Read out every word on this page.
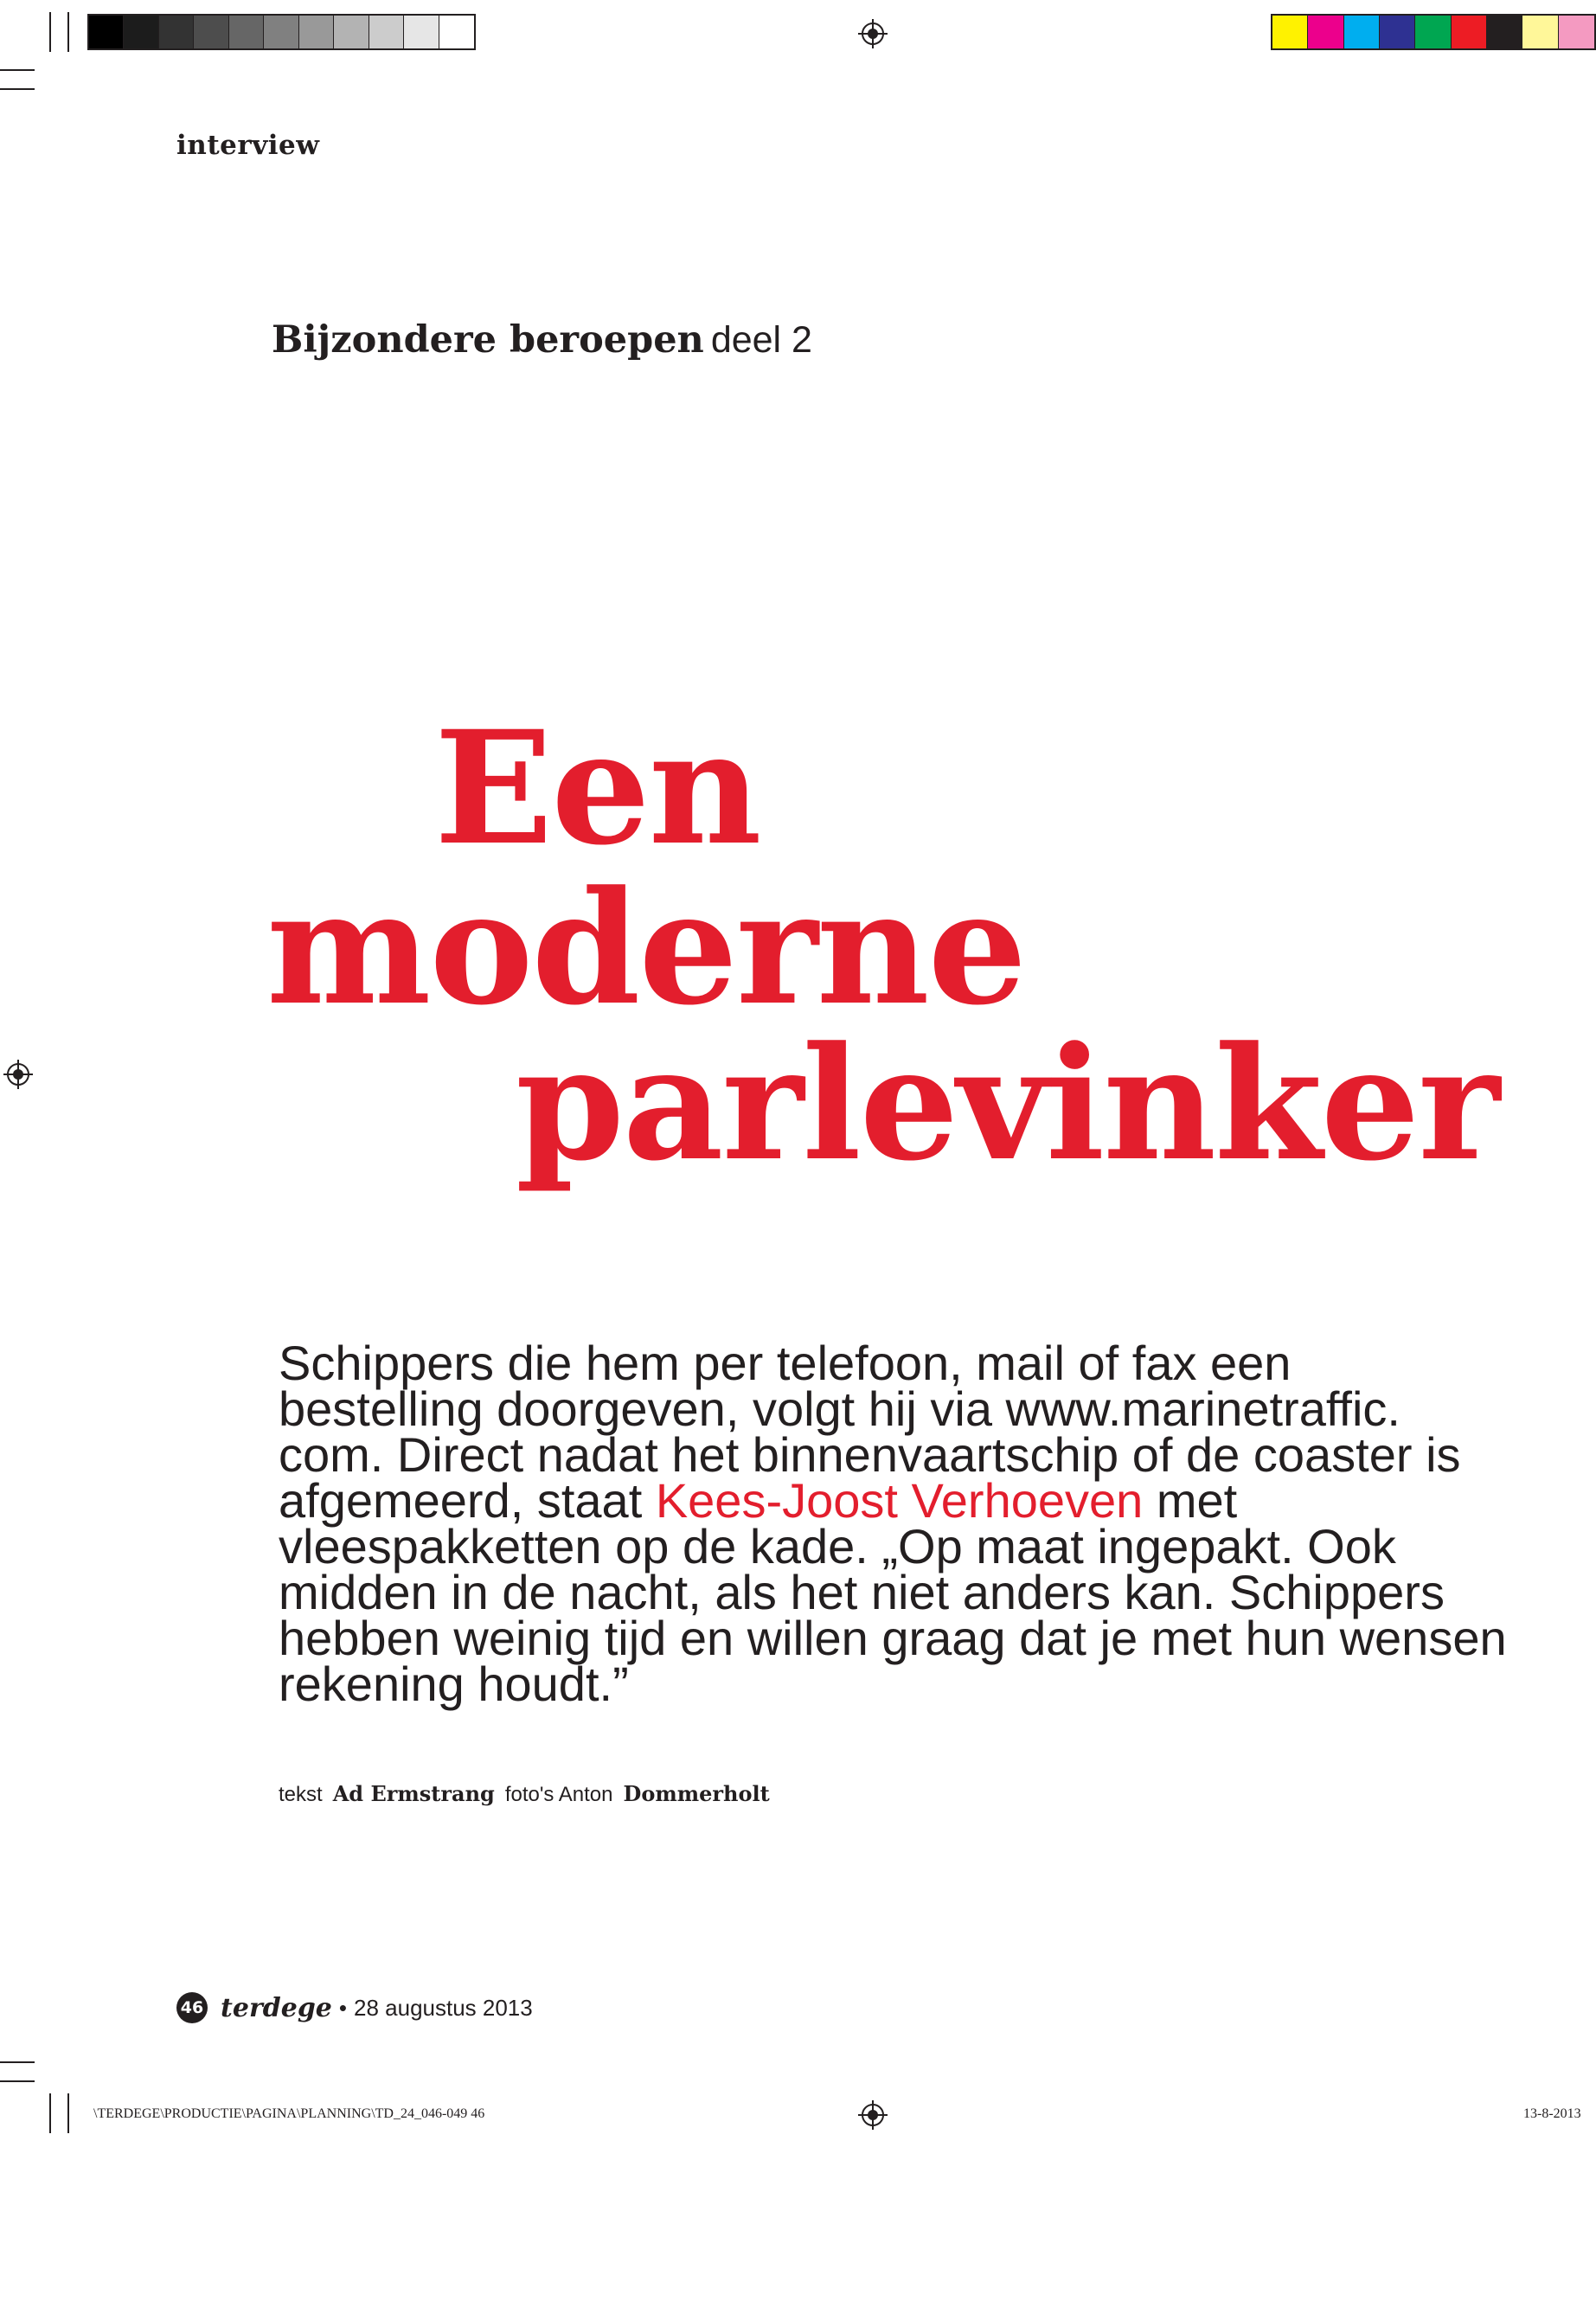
interview
Bijzondere beroepen deel 2
Een
moderne
parlevinker
Schippers die hem per telefoon, mail of fax een bestelling doorgeven, volgt hij via www.marinetraffic. com. Direct nadat het binnenvaartschip of de coaster is afgemeerd, staat Kees-Joost Verhoeven met vleespakketten op de kade. „Op maat ingepakt. Ook midden in de nacht, als het niet anders kan. Schippers hebben weinig tijd en willen graag dat je met hun wensen rekening houdt.”
tekst Ad Ermstrang foto's Anton Dommerholt
46 terdege • 28 augustus 2013
\TERDEGE\PRODUCTIE\PAGINA\PLANNING\TD_24_046-049 46	13-8-2013
